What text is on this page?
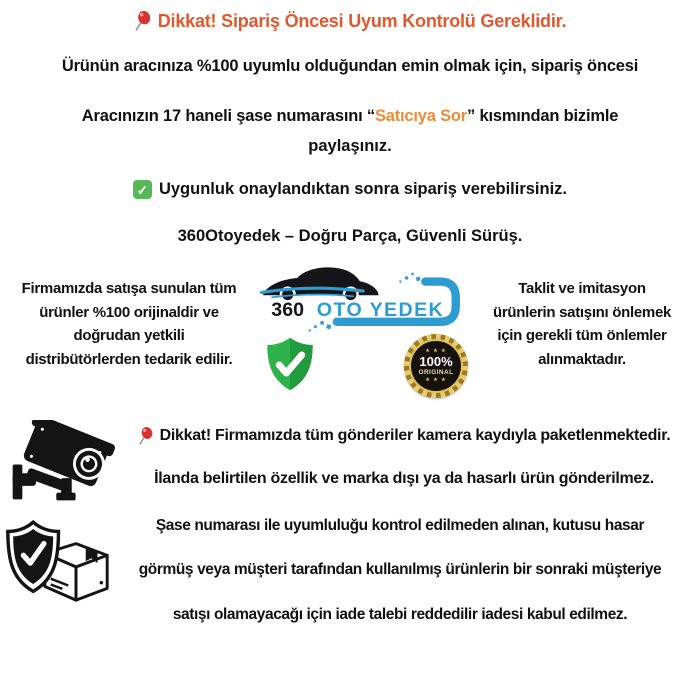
Dikkat! Sipariş Öncesi Uyum Kontrolü Gereklidir.
Ürünün aracınıza %100 uyumlu olduğundan emin olmak için, sipariş öncesi
Aracınızın 17 haneli şase numarasını “Satıcıya Sor” kısmından bizimle
paylaşınız.
✓ Uygunluk onaylandıktan sonra sipariş verebilirsiniz.
360Otoyedek – Doğru Parça, Güvenli Sürüş.
Firmamızda satışa sunulan tüm
ürünler %100 orijinaldir ve
doğrudan yetkili
distribütörlerden tedarik edilir.
360 OTO YEDEK
★ ★ ★
100%
ORIGINAL
★ ★ ★
Taklit ve imitasyon
ürünlerin satışını önlemek
için gerekli tüm önlemler
alınmaktadır.
Dikkat! Firmamızda tüm gönderiler kamera kaydıyla paketlenmektedir.
İlanda belirtilen özellik ve marka dışı ya da hasarlı ürün gönderilmez.
Şase numarası ile uyumluluğu kontrol edilmeden alınan, kutusu hasar
görmüş veya müşteri tarafından kullanılmış ürünlerin bir sonraki müşteriye
satışı olamayacağı için iade talebi reddedilir iadesi kabul edilmez.
